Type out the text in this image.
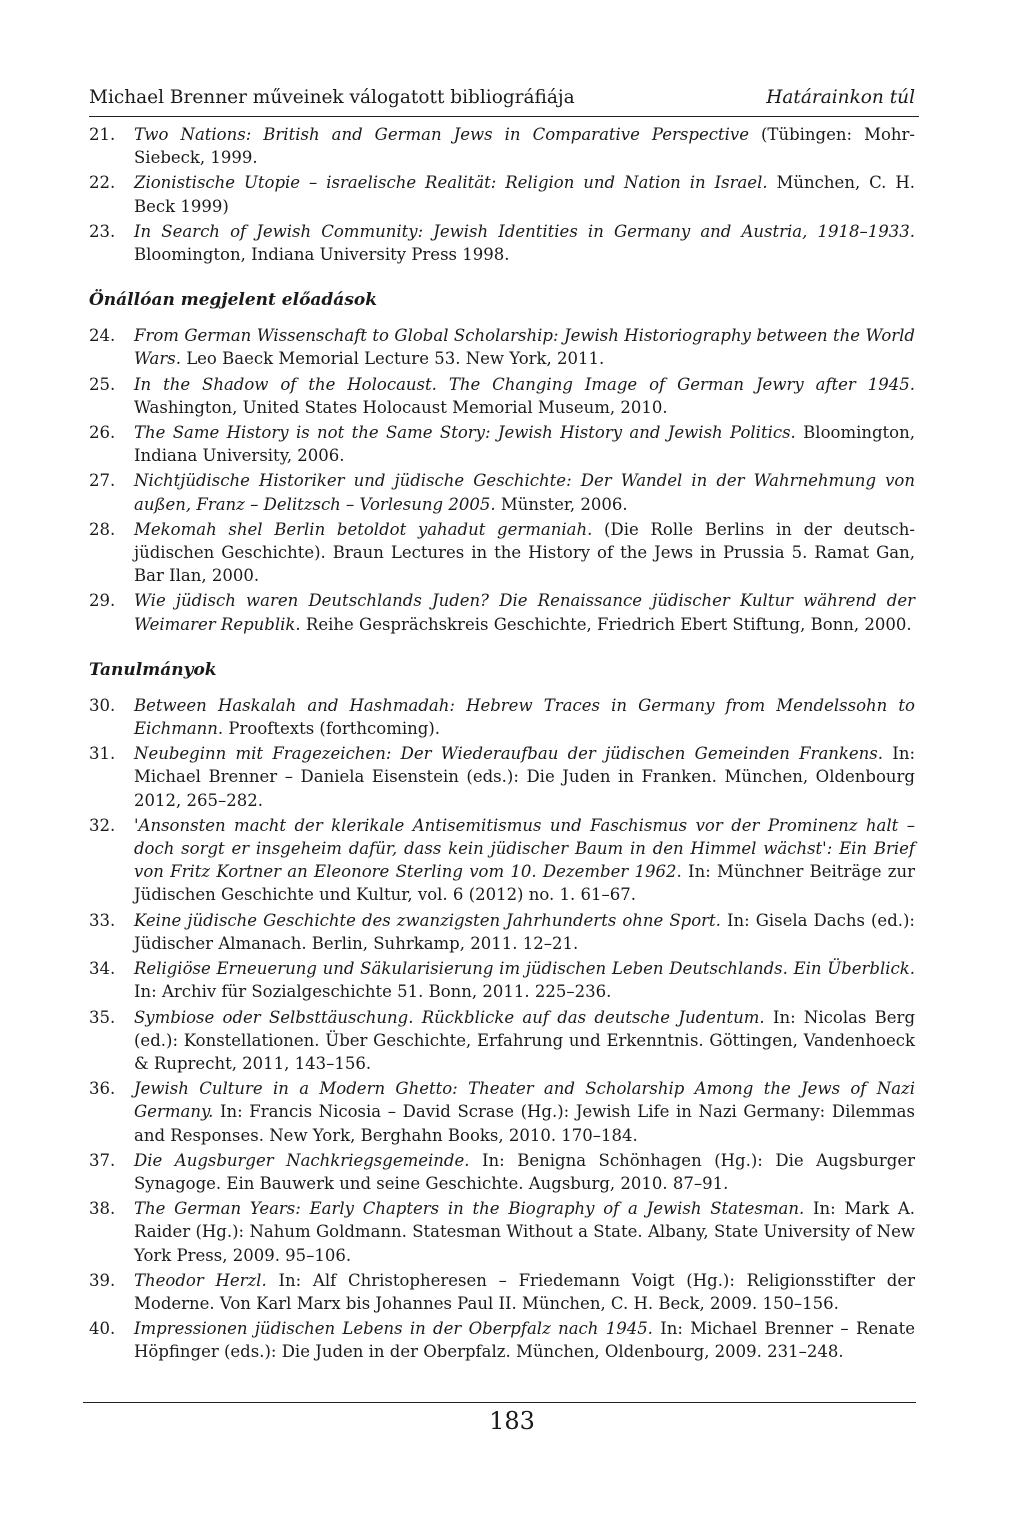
Michael Brenner műveinek válogatott bibliográfiája	Határainkon túl
21.	Two Nations: British and German Jews in Comparative Perspective (Tübingen: Mohr-Siebeck, 1999.
22.	Zionistische Utopie – israelische Realität: Religion und Nation in Israel. München, C. H. Beck 1999)
23.	In Search of Jewish Community: Jewish Identities in Germany and Austria, 1918–1933. Bloomington, Indiana University Press 1998.
Önállóan megjelent előadások
24.	From German Wissenschaft to Global Scholarship: Jewish Historiography between the World Wars. Leo Baeck Memorial Lecture 53. New York, 2011.
25.	In the Shadow of the Holocaust. The Changing Image of German Jewry after 1945. Washington, United States Holocaust Memorial Museum, 2010.
26.	The Same History is not the Same Story: Jewish History and Jewish Politics. Bloomington, Indiana University, 2006.
27.	Nichtjüdische Historiker und jüdische Geschichte: Der Wandel in der Wahrnehmung von außen, Franz – Delitzsch – Vorlesung 2005. Münster, 2006.
28.	Mekomah shel Berlin betoldot yahadut germaniah. (Die Rolle Berlins in der deutsch-jüdischen Geschichte). Braun Lectures in the History of the Jews in Prussia 5. Ramat Gan, Bar Ilan, 2000.
29.	Wie jüdisch waren Deutschlands Juden? Die Renaissance jüdischer Kultur während der Weimarer Republik. Reihe Gesprächskreis Geschichte, Friedrich Ebert Stiftung, Bonn, 2000.
Tanulmányok
30.	Between Haskalah and Hashmadah: Hebrew Traces in Germany from Mendelssohn to Eichmann. Prooftexts (forthcoming).
31.	Neubeginn mit Fragezeichen: Der Wiederaufbau der jüdischen Gemeinden Frankens. In: Michael Brenner – Daniela Eisenstein (eds.): Die Juden in Franken. München, Oldenbourg 2012, 265–282.
32.	'Ansonsten macht der klerikale Antisemitismus und Faschismus vor der Prominenz halt – doch sorgt er insgeheim dafür, dass kein jüdischer Baum in den Himmel wächst': Ein Brief von Fritz Kortner an Eleonore Sterling vom 10. Dezember 1962. In: Münchner Beiträge zur Jüdischen Geschichte und Kultur, vol. 6 (2012) no. 1. 61–67.
33.	Keine jüdische Geschichte des zwanzigsten Jahrhunderts ohne Sport. In: Gisela Dachs (ed.): Jüdischer Almanach. Berlin, Suhrkamp, 2011. 12–21.
34.	Religiöse Erneuerung und Säkularisierung im jüdischen Leben Deutschlands. Ein Überblick. In: Archiv für Sozialgeschichte 51. Bonn, 2011. 225–236.
35.	Symbiose oder Selbsttäuschung. Rückblicke auf das deutsche Judentum. In: Nicolas Berg (ed.): Konstellationen. Über Geschichte, Erfahrung und Erkenntnis. Göttingen, Vandenhoeck & Ruprecht, 2011, 143–156.
36.	Jewish Culture in a Modern Ghetto: Theater and Scholarship Among the Jews of Nazi Germany. In: Francis Nicosia – David Scrase (Hg.): Jewish Life in Nazi Germany: Dilemmas and Responses. New York, Berghahn Books, 2010. 170–184.
37.	Die Augsburger Nachkriegsgemeinde. In: Benigna Schönhagen (Hg.): Die Augsburger Synagoge. Ein Bauwerk und seine Geschichte. Augsburg, 2010. 87–91.
38.	The German Years: Early Chapters in the Biography of a Jewish Statesman. In: Mark A. Raider (Hg.): Nahum Goldmann. Statesman Without a State. Albany, State University of New York Press, 2009. 95–106.
39.	Theodor Herzl. In: Alf Christopheresen – Friedemann Voigt (Hg.): Religionsstifter der Moderne. Von Karl Marx bis Johannes Paul II. München, C. H. Beck, 2009. 150–156.
40.	Impressionen jüdischen Lebens in der Oberpfalz nach 1945. In: Michael Brenner – Renate Höpfinger (eds.): Die Juden in der Oberpfalz. München, Oldenbourg, 2009. 231–248.
183
